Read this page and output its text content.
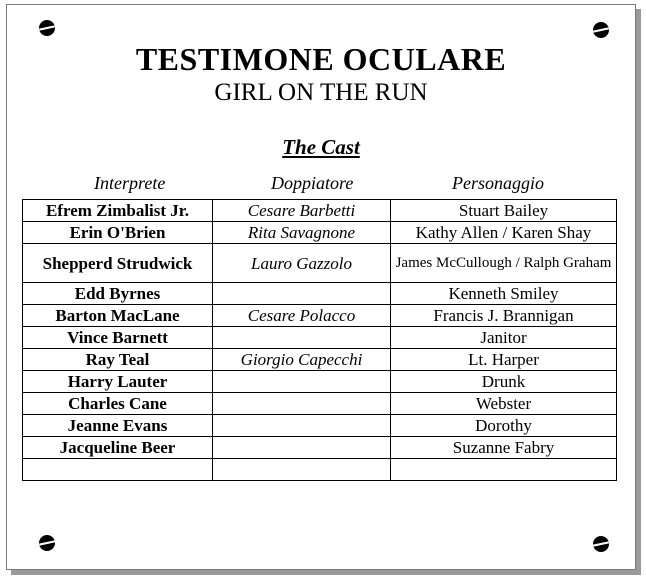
TESTIMONE OCULARE
GIRL ON THE RUN
The Cast
Interprete	Doppiatore	Personaggio
Efrem Zimbalist Jr.	Cesare Barbetti	Stuart Bailey
Erin O'Brien	Rita Savagnone	Kathy Allen / Karen Shay
Shepperd Strudwick	Lauro Gazzolo	James McCullough / Ralph Graham
Edd Byrnes		Kenneth Smiley
Barton MacLane	Cesare Polacco	Francis J. Brannigan
Vince Barnett		Janitor
Ray Teal	Giorgio Capecchi	Lt. Harper
Harry Lauter		Drunk
Charles Cane		Webster
Jeanne Evans		Dorothy
Jacqueline Beer		Suzanne Fabry
